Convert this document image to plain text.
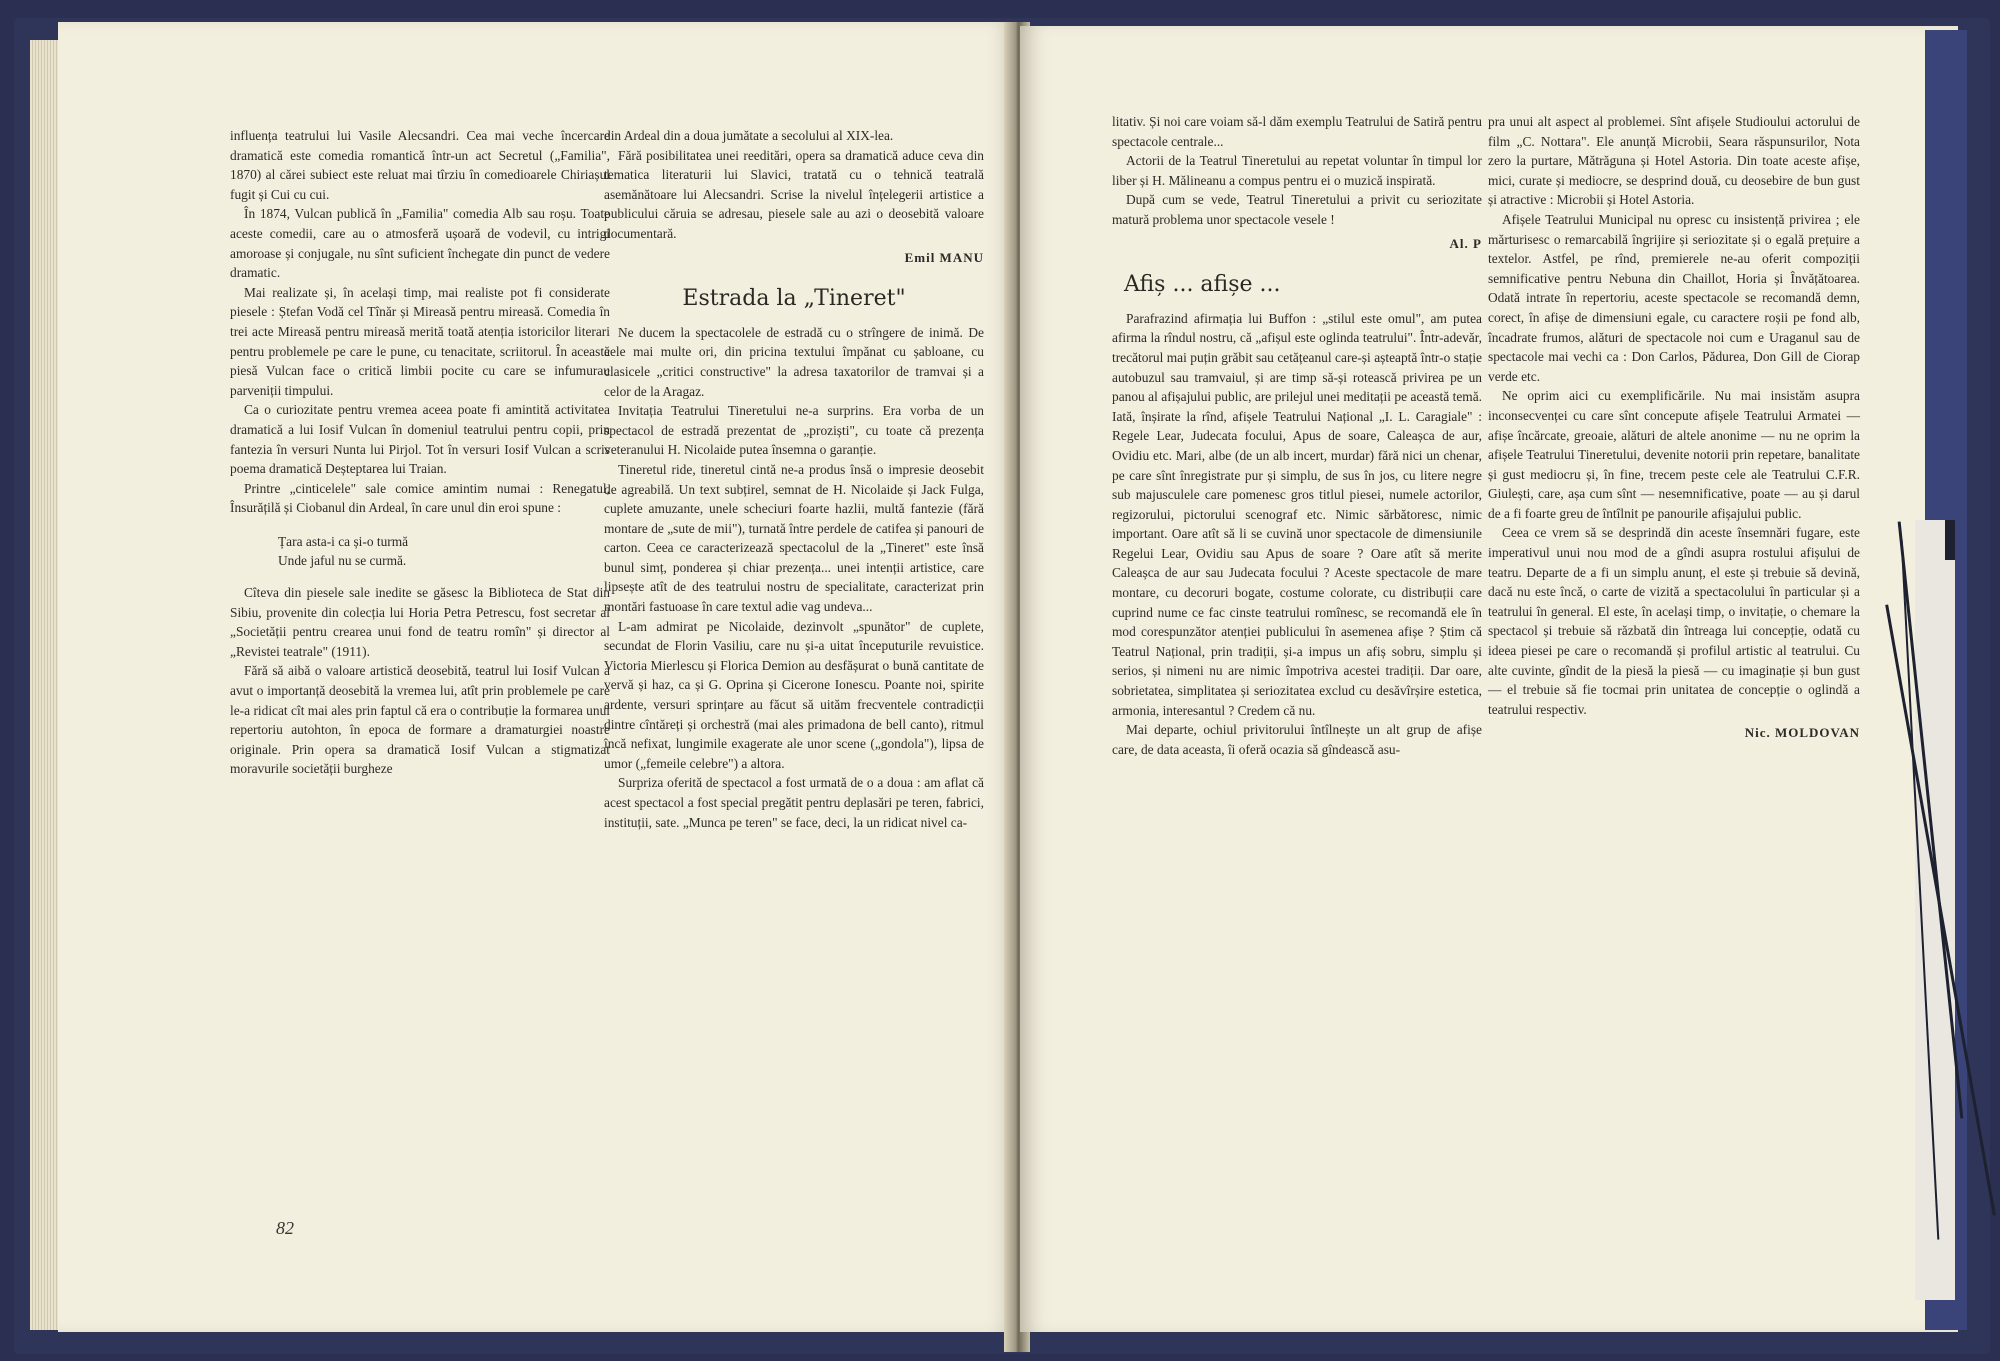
influența teatrului lui Vasile Alecsandri. Cea mai veche încercare dramatică este comedia romantică într-un act Secretul („Familia", 1870) al cărei subiect este reluat mai tîrziu în comedioarele Chiriașul fugit și Cui cu cui.

În 1874, Vulcan publică în „Familia" comedia Alb sau roșu. Toate aceste comedii, care au o atmosferă ușoară de vodevil, cu intrigi amoroase și conjugale, nu sînt suficient închegate din punct de vedere dramatic.

Mai realizate și, în același timp, mai realiste pot fi considerate piesele : Ștefan Vodă cel Tînăr și Mireasă pentru mireasă. Comedia în trei acte Mireasă pentru mireasă merită toată atenția istoricilor literari pentru problemele pe care le pune, cu tenacitate, scriitorul. În această piesă Vulcan face o critică limbii pocite cu care se infumurau parveniții timpului.

Ca o curiozitate pentru vremea aceea poate fi amintită activitatea dramatică a lui Iosif Vulcan în domeniul teatrului pentru copii, prin fanteziа în versuri Nunta lui Pirjol. Tot în versuri Iosif Vulcan a scris poema dramatică Deșteptarea lui Traian.

Printre „cinticelele" sale comice amintim numai : Renegatul, Însurățilă și Ciobanul din Ardeal, în care unul din eroi spune :

Țara asta-i ca și-o turmă
Unde jaful nu se curmă.

Cîteva din piesele sale inedite se găsesc la Biblioteca de Stat din Sibiu, provenite din colecția lui Horia Petra Petrescu, fost secretar al „Societății pentru crearea unui fond de teatru romîn" și director al „Revistei teatrale" (1911).

Fără să aibă o valoare artistică deosebită, teatrul lui Iosif Vulcan a avut o importanță deosebită la vremea lui, atît prin problemele pe care le-a ridicat cît mai ales prin faptul că era o contribuție la formarea unui repertoriu autohton, în epoca de formare a dramaturgiei noastre originale. Prin opera sa dramatică Iosif Vulcan a stigmatizat moravurile societății burgheze

din Ardeal din a doua jumătate a secolului al XIX-lea.

Fără posibilitatea unei reeditări, opera sa dramatică aduce ceva din tematica literaturii lui Slavici, tratată cu o tehnică teatrală asemănătoare lui Alecsandri. Scrise la nivelul înțelegerii artistice a publicului căruia se adresau, piesele sale au azi o deosebită valoare documentară.

Emil MANU
Estrada la „Tineret"

Ne ducem la spectacolele de estradă cu o strîngere de inimă. De cele mai multe ori, din pricina textului împănat cu șabloane, cu clasicele „critici constructive" la adresa taxatorilor de tramvai și a celor de la Aragaz.

Invitația Teatrului Tineretului ne-a surprins. Era vorba de un spectacol de estradă prezentat de „proziști", cu toate că prezența veteranului H. Nicolaide putea însemna o garanție.

Tineretul ride, tineretul cintă ne-a produs însă o impresie deosebit de agreabilă. Un text subțirel, semnat de H. Nicolaide și Jack Fulga, cuplete amuzante, unele scheciuri foarte hazlii, multă fantezie (fără montare de „sute de mii"), turnată între perdele de catifea și panouri de carton. Ceea ce caracterizează spectacolul de la „Tineret" este însă bunul simț, ponderea și chiar prezența... unei intenții artistice, care lipsește atît de des teatrului nostru de specialitate, caracterizat prin montări fastuoase în care textul adie vag undeva...

L-am admirat pe Nicolaide, dezinvolt „spunător" de cuplete, secundat de Florin Vasiliu, care nu și-a uitat începuturile revuistice. Victoria Mierlescu și Florica Demion au desfășurat o bună cantitate de vervă și haz, ca și G. Oprina și Cicerone Ionescu. Poante noi, spirite ardente, versuri sprințare au făcut să uităm frecventele contradicții dintre cîntăreți și orchestră (mai ales primadona de bell canto), ritmul încă nefixat, lungimile exagerate ale unor scene („gondola"), lipsa de umor („femeile celebre") a altora.

Surpriza oferită de spectacol a fost urmată de o a doua : am aflat că acest spectacol a fost special pregătit pentru deplasări pe teren, fabrici, instituții, sate. „Munca pe teren" se face, deci, la un ridicat nivel ca-

82

litativ. Și noi care voiam să-l dăm exemplu Teatrului de Satiră pentru spectacole centrale...

Actorii de la Teatrul Tineretului au repetat voluntar în timpul lor liber și H. Mălineanu a compus pentru ei o muzică inspirată.

După cum se vede, Teatrul Tineretului a privit cu seriozitate matură problema unor spectacole vesele !

Al. P
Afiș ... afișe ...

Parafrazind afirmația lui Buffon : „stilul este omul", am putea afirma la rîndul nostru, că „afișul este oglinda teatrului". Într-adevăr, trecătorul mai puțin grăbit sau cetățeanul care-și așteaptă într-o stație autobuzul sau tramvaiul, și are timp să-și rotească privirea pe un panou al afișajului public, are prilejul unei meditații pe această temă. Iată, înșirate la rînd, afișele Teatrului Național „I. L. Caragiale" : Regele Lear, Judecata focului, Apus de soare, Caleașca de aur, Ovidiu etc. Mari, albe (de un alb incert, murdar) fără nici un chenar, pe care sînt înregistrate pur și simplu, de sus în jos, cu litere negre sub majusculele care pomenesc gros titlul piesei, numele actorilor, regizorului, pictorului scenograf etc. Nimic sărbătoresc, nimic important. Oare atît să li se cuvină unor spectacole de dimensiunile Regelui Lear, Ovidiu sau Apus de soare ? Oare atît să merite Caleașca de aur sau Judecata focului ? Aceste spectacole de mare montare, cu decoruri bogate, costume colorate, cu distribuții care cuprind nume ce fac cinste teatrului romînesc, se recomandă ele în mod corespunzător atenției publicului în asemenea afișe ? Știm că Teatrul Național, prin tradiții, și-a impus un afiș sobru, simplu și serios, și nimeni nu are nimic împotriva acestei tradiții. Dar oare, sobrietatea, simplitatea și seriozitatea exclud cu desăvîrșire estetica, armonia, interesantul ? Credem că nu.

Mai departe, ochiul privitorului întîlnește un alt grup de afișe care, de data aceasta, îi oferă ocazia să gîndească asu-

pra unui alt aspect al problemei. Sînt afișele Studioului actorului de film „C. Nottara". Ele anunță Microbii, Seara răspunsurilor, Nota zero la purtare, Mătrăguna și Hotel Astoria. Din toate aceste afișe, mici, curate și mediocre, se desprind două, cu deosebire de bun gust și atractive : Microbii și Hotel Astoria.

Afișele Teatrului Municipal nu opresc cu insistență privirea ; ele mărturisesc o remarcabilă îngrijire și seriozitate și o egală prețuire a textelor. Astfel, pe rînd, premierele ne-au oferit compoziții semnificative pentru Nebuna din Chaillot, Horia și Învățătoarea. Odată intrate în repertoriu, aceste spectacole se recomandă demn, corect, în afișe de dimensiuni egale, cu caractere roșii pe fond alb, încadrate frumos, alături de spectacole noi cum e Uraganul sau de spectacole mai vechi ca : Don Carlos, Pădurea, Don Gill de Ciorap verde etc.

Ne oprim aici cu exemplificările. Nu mai insistăm asupra inconsecvenței cu care sînt concepute afișele Teatrului Armatei — afișe încărcate, greoaie, alături de altele anonime — nu ne oprim la afișele Teatrului Tineretului, devenite notorii prin repetare, banalitate și gust mediocru și, în fine, trecem peste cele ale Teatrului C.F.R. Giulești, care, așa cum sînt — nesemnificative, poate — au și darul de a fi foarte greu de întîlnit pe panourile afișajului public.

Ceea ce vrem să se desprindă din aceste însemnări fugare, este imperativul unui nou mod de a gîndi asupra rostului afișului de teatru. Departe de a fi un simplu anunț, el este și trebuie să devină, dacă nu este încă, o carte de vizită a spectacolului în particular și a teatrului în general. El este, în același timp, o invitație, o chemare la spectacol și trebuie să răzbată din întreaga lui concepție, odată cu ideea piesei pe care o recomandă și profilul artistic al teatrului. Cu alte cuvinte, gîndit de la piesă la piesă — cu imaginație și bun gust — el trebuie să fie tocmai prin unitatea de concepție o oglindă a teatrului respectiv.

Nic. MOLDOVAN
